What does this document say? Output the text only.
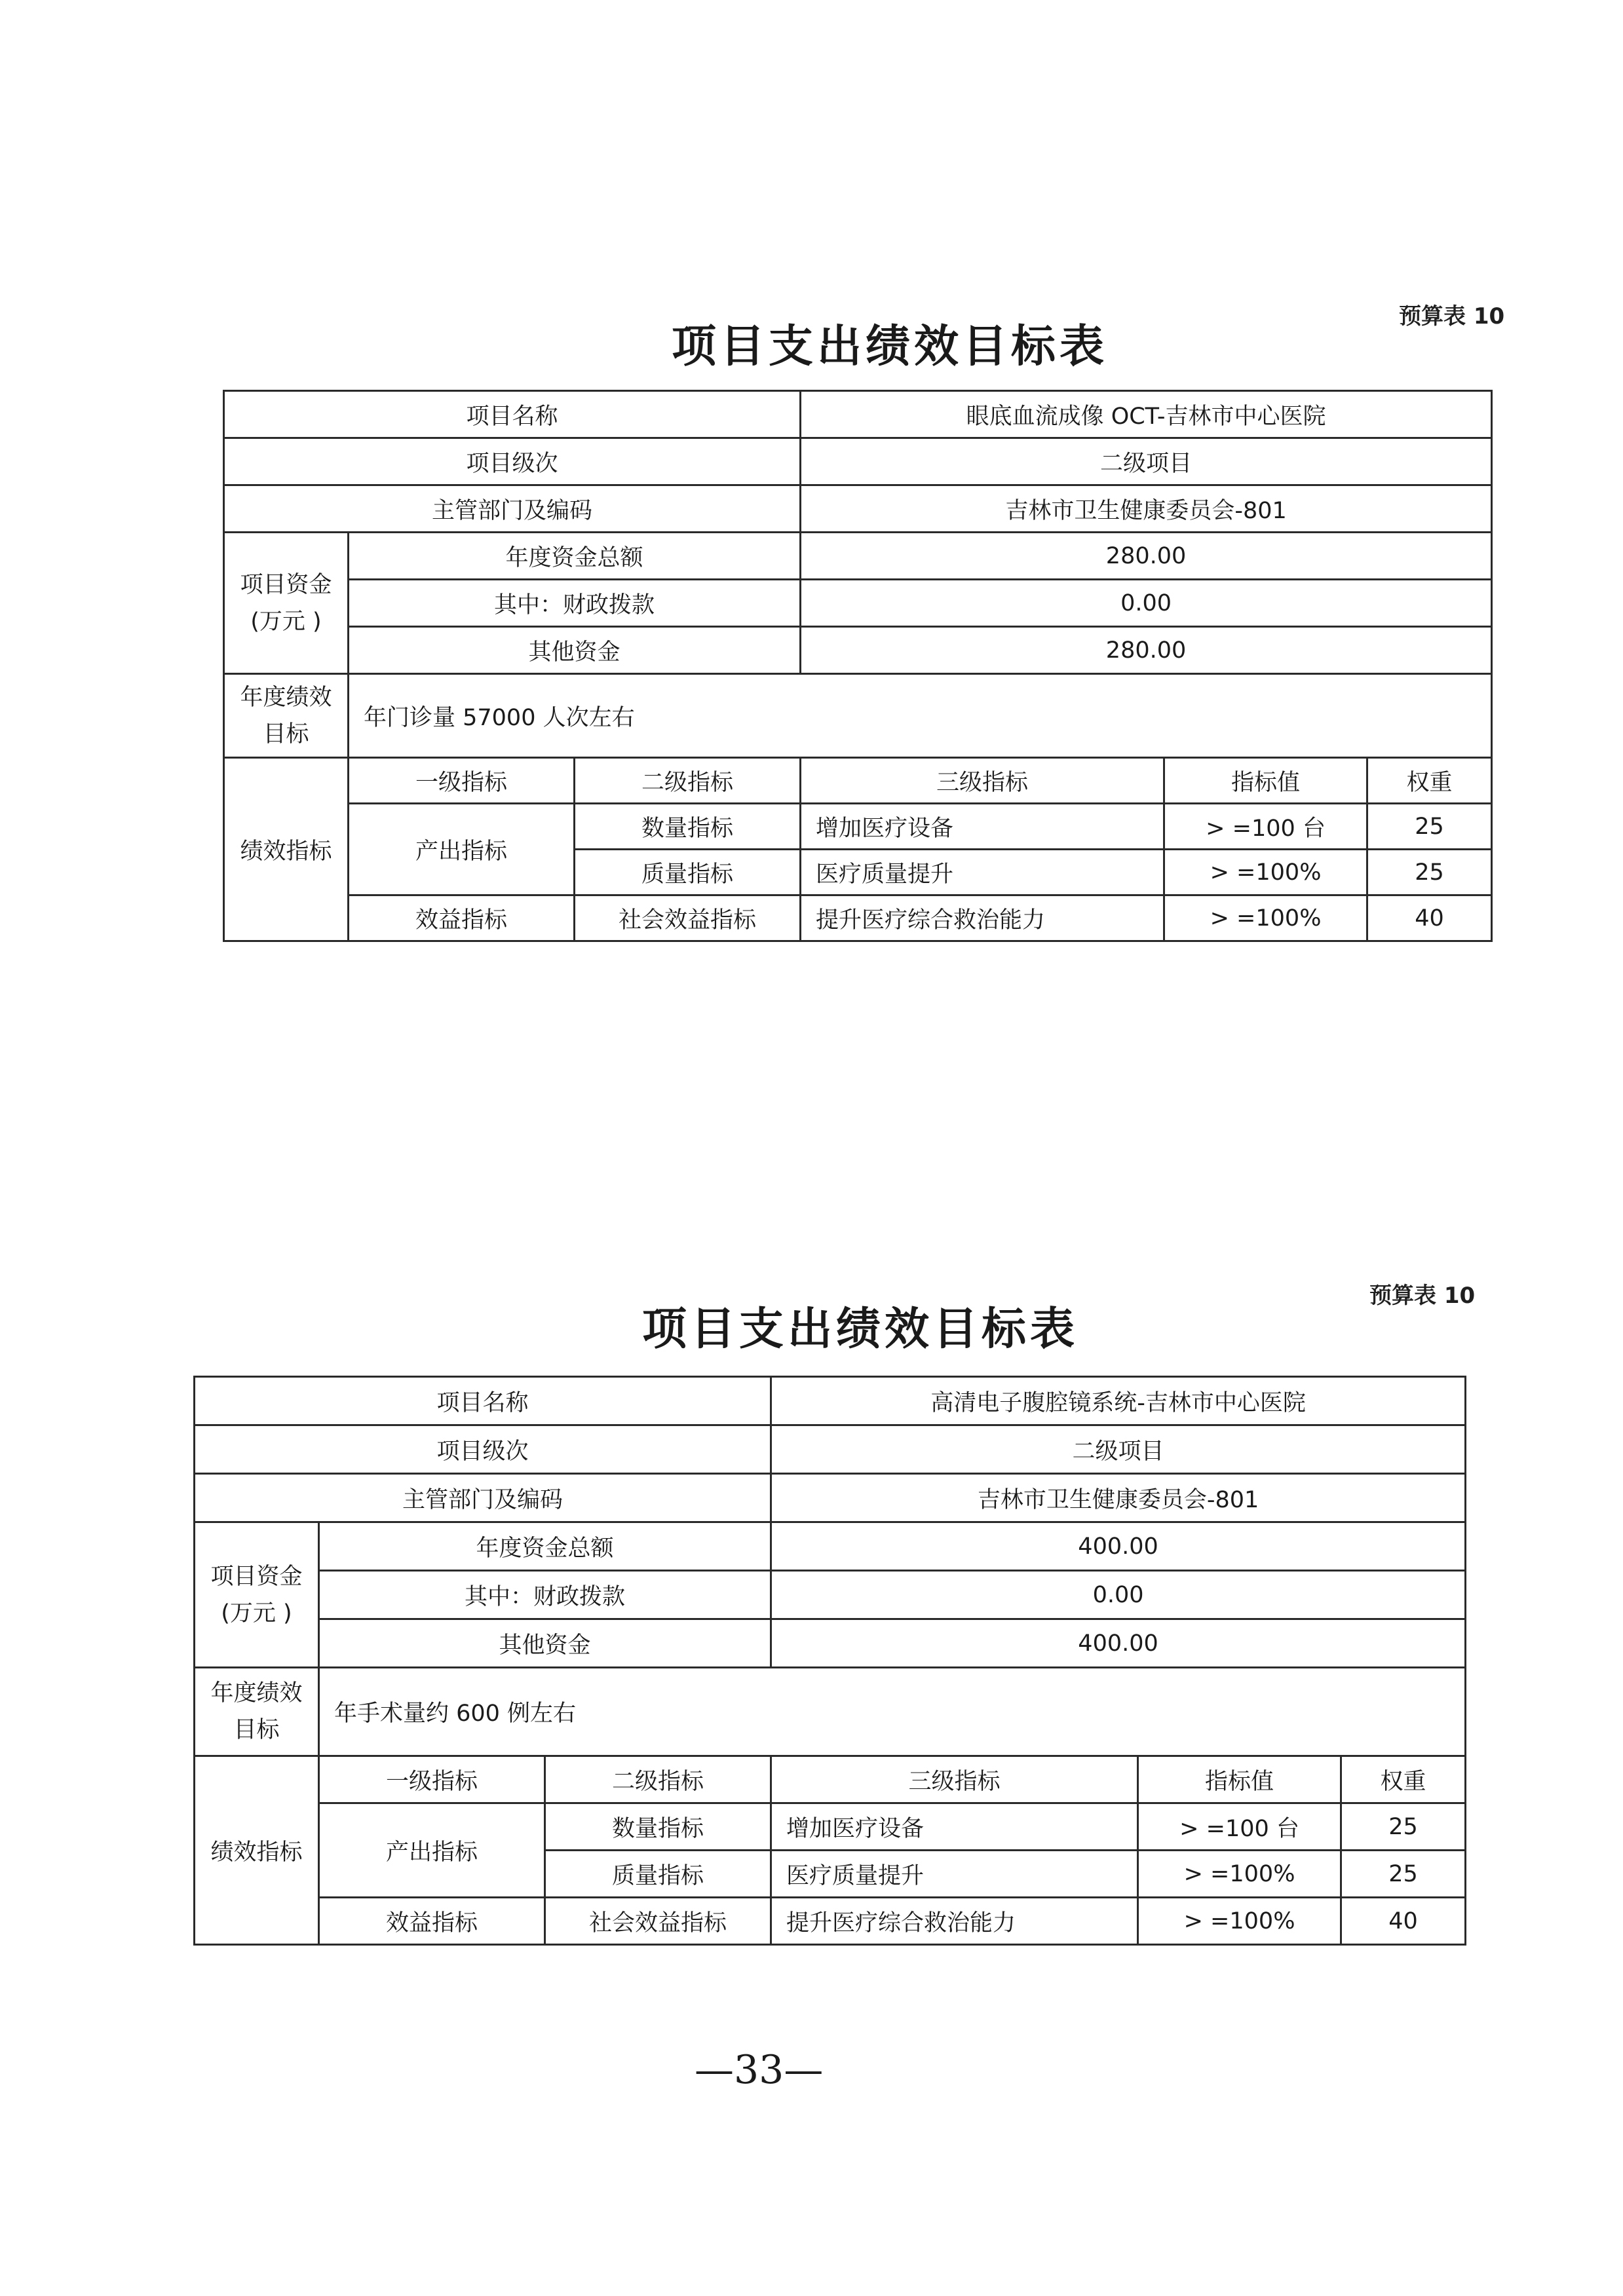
预算表 10
项目支出绩效目标表
项目名称			眼底血流成像 OCT-吉林市中心医院		
项目级次			二级项目		
主管部门及编码			吉林市卫生健康委员会-801		
项目资金
(万元 )	年度资金总额		280.00		
	其中：财政拨款		0.00		
	其他资金		280.00		
年度绩效
目标	年门诊量 57000 人次左右				
绩效指标	一级指标	二级指标	三级指标	指标值	权重
	产出指标	数量指标	增加医疗设备	> =100 台	25
		质量指标	医疗质量提升	> =100%	25
	效益指标	社会效益指标	提升医疗综合救治能力	> =100%	40
预算表 10
项目支出绩效目标表
项目名称			高清电子腹腔镜系统-吉林市中心医院		
项目级次			二级项目		
主管部门及编码			吉林市卫生健康委员会-801		
项目资金
(万元 )	年度资金总额		400.00		
	其中：财政拨款		0.00		
	其他资金		400.00		
年度绩效
目标	年手术量约 600 例左右				
绩效指标	一级指标	二级指标	三级指标	指标值	权重
	产出指标	数量指标	增加医疗设备	> =100 台	25
		质量指标	医疗质量提升	> =100%	25
	效益指标	社会效益指标	提升医疗综合救治能力	> =100%	40
—33—
